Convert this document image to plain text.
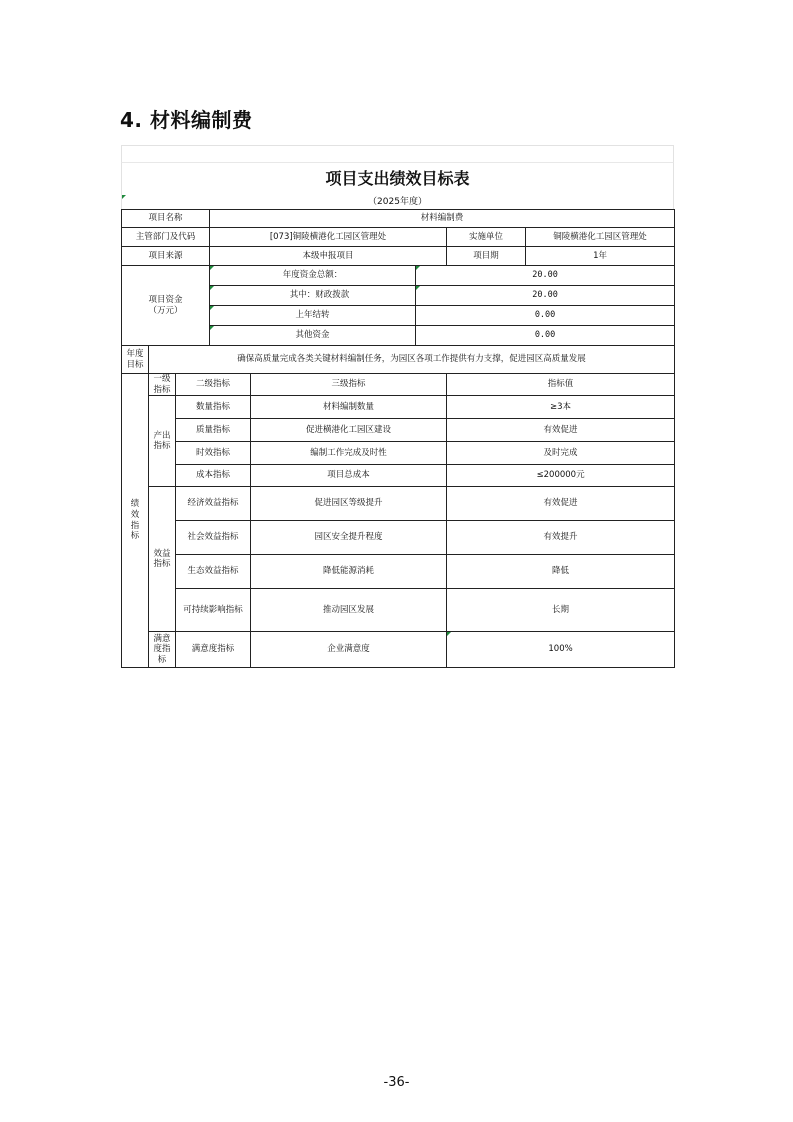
4. 材料编制费
项目支出绩效目标表
（2025年度）
项目名称			材料编制费				
主管部门及代码			[073]铜陵横港化工园区管理处			实施单位	铜陵横港化工园区管理处
项目来源			本级申报项目			项目期	1年

项目资金
（万元）			年度资金总额：		20.00		

其中：财政拨款		20.00		

上年结转		0.00		

其他资金		0.00		

年度
目标	确保高质量完成各类关键材料编制任务，为园区各项工作提供有力支撑，促进园区高质量发展						

绩效指标	一级指标	二级指标		三级指标		指标值	

	产出指标	数量指标		材料编制数量		≥3本	
		质量指标		促进横港化工园区建设		有效促进	
		时效指标		编制工作完成及时性		及时完成	
		成本指标		项目总成本		≤200000元	

	效益指标	经济效益指标		促进园区等级提升		有效促进	
		社会效益指标		园区安全提升程度		有效提升	
		生态效益指标		降低能源消耗		降低	
		可持续影响指标		推动园区发展		长期	

	满意度指标	满意度指标		企业满意度		100%	
-36-
